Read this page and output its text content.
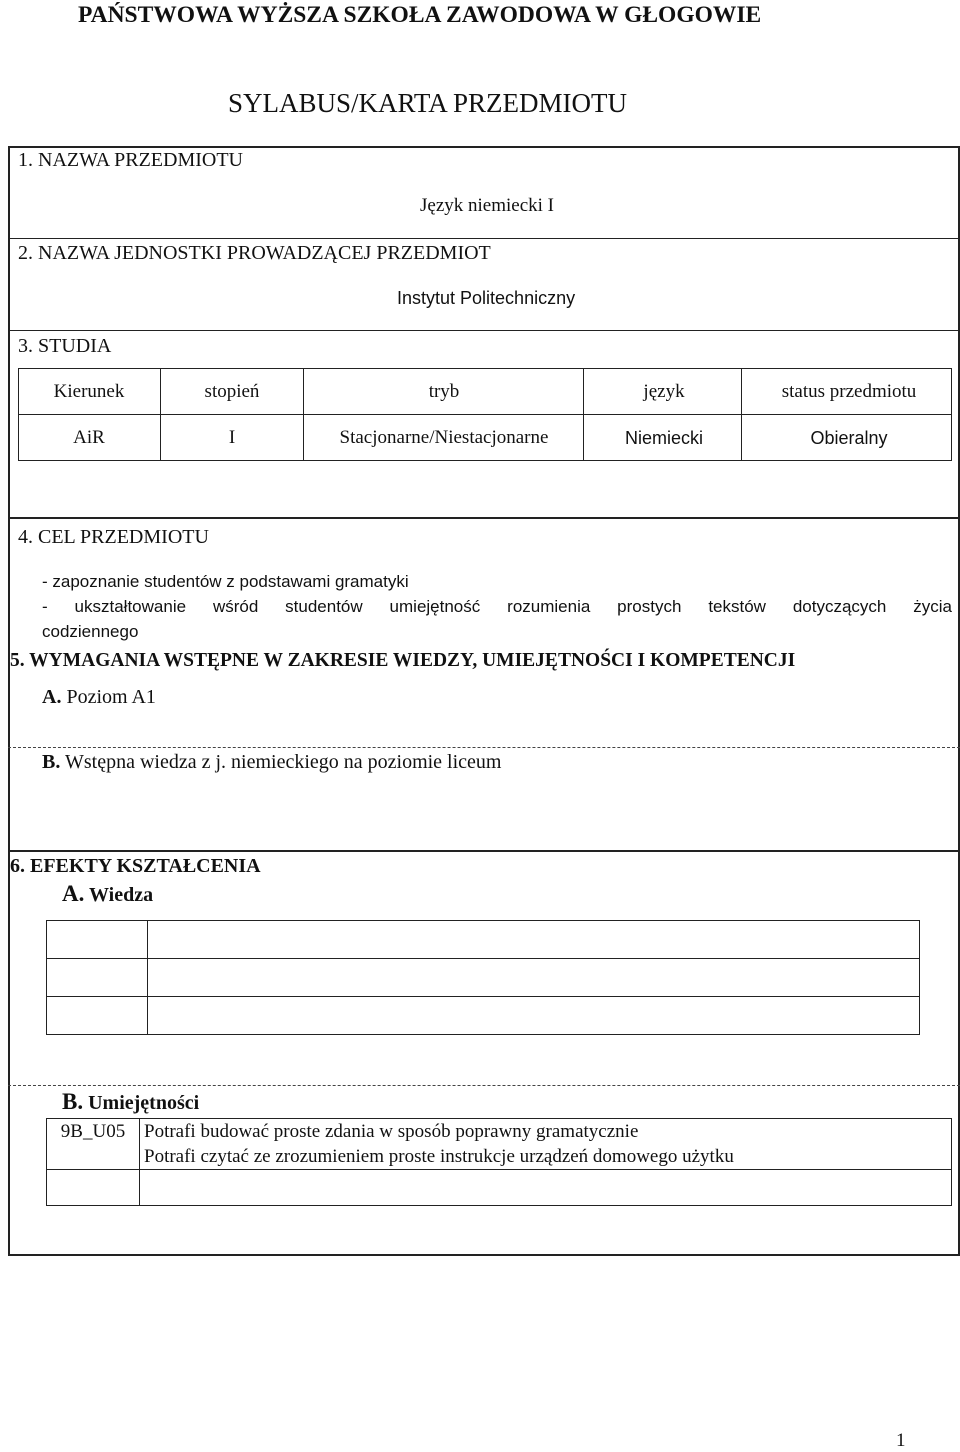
PAŃSTWOWA WYŻSZA SZKOŁA ZAWODOWA W GŁOGOWIE
SYLABUS/KARTA PRZEDMIOTU
1. NAZWA PRZEDMIOTU
Język niemiecki I
2. NAZWA JEDNOSTKI PROWADZĄCEJ PRZEDMIOT
Instytut Politechniczny
3. STUDIA

Kierunek	stopień	tryb	język	status przedmiotu
AiR	I	Stacjonarne/Niestacjonarne	Niemiecki	Obieralny
4. CEL PRZEDMIOTU
- zapoznanie studentów z podstawami gramatyki
- ukształtowanie wśród studentów umiejętność rozumienia prostych tekstów dotyczących życia
codziennego
5. WYMAGANIA WSTĘPNE W ZAKRESIE WIEDZY, UMIEJĘTNOŚCI I KOMPETENCJI
A. Poziom A1
B. Wstępna wiedza z j. niemieckiego na poziomie liceum
6. EFEKTY KSZTAŁCENIA
A. Wiedza

B. Umiejętności
9B_U05	Potrafi budować proste zdania w sposób poprawny gramatycznie
Potrafi czytać ze zrozumieniem proste instrukcje urządzeń domowego użytku

1
